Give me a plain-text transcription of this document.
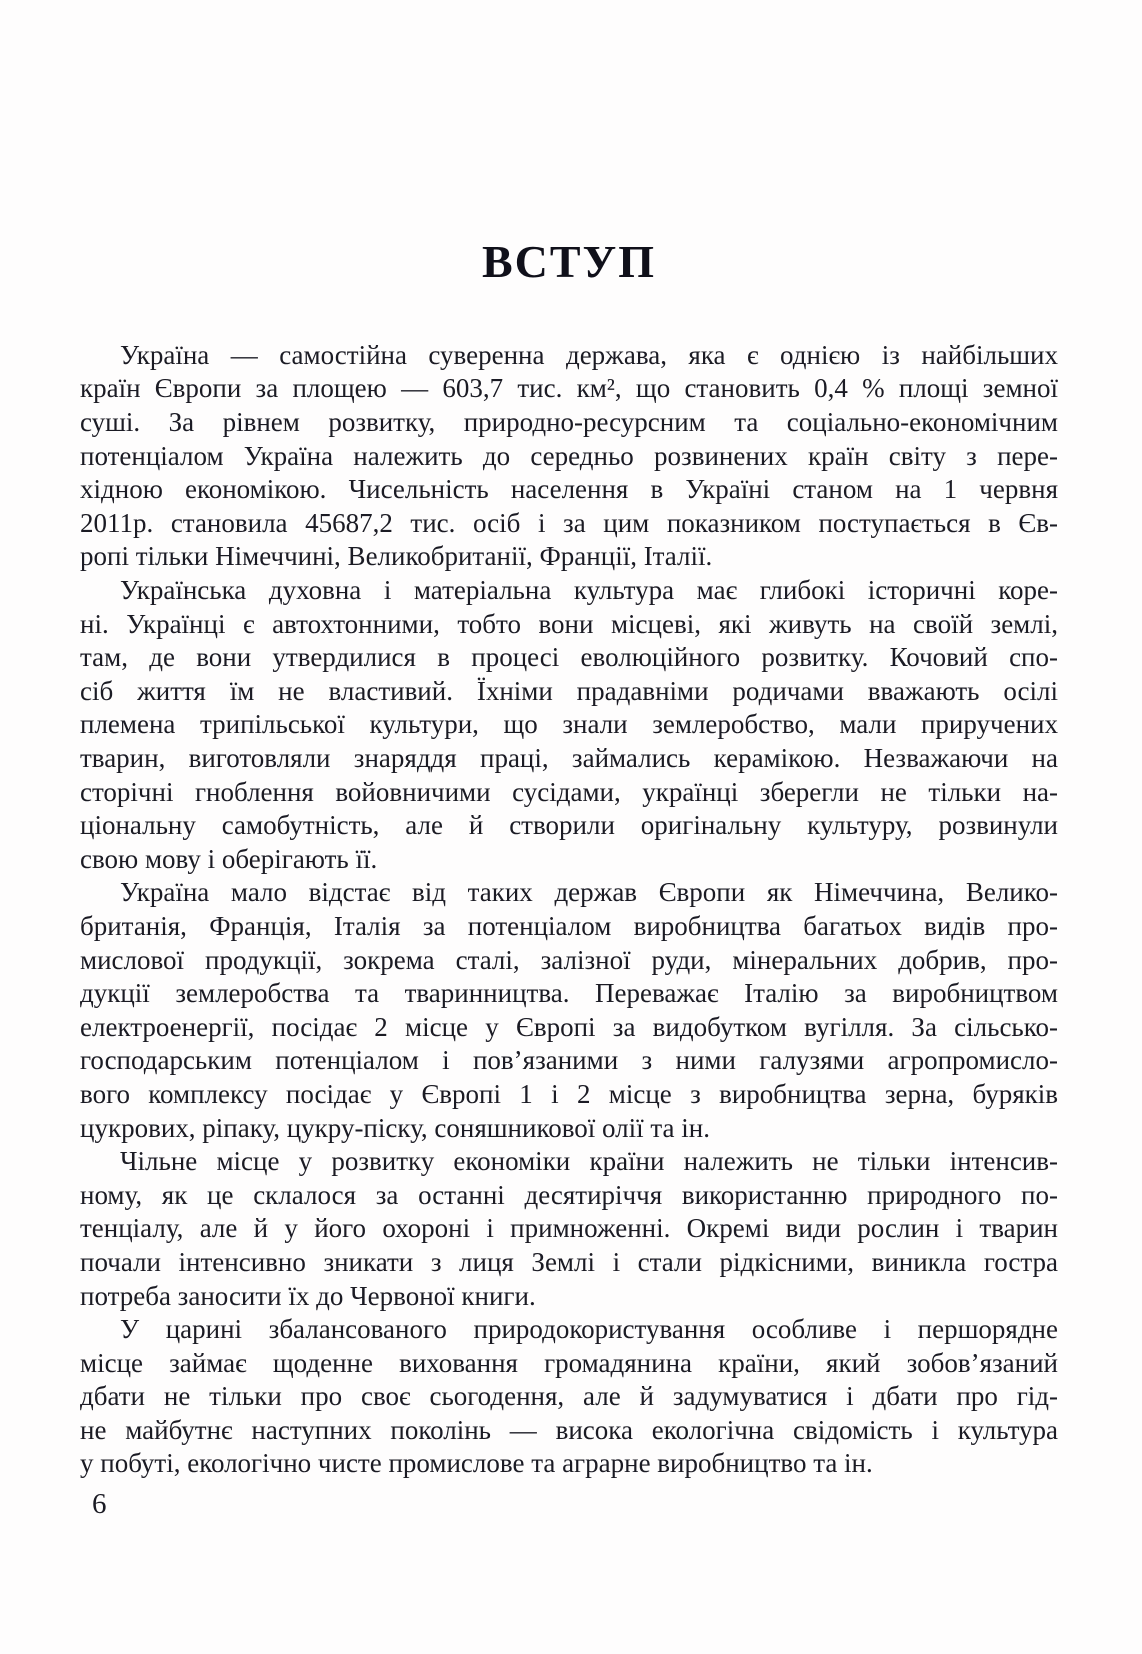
ВСТУП
Україна — самостійна суверенна держава, яка є однією із найбільших
країн Європи за площею — 603,7 тис. км², що становить 0,4 % площі земної
суші. За рівнем розвитку, природно-ресурсним та соціально-економічним
потенціалом Україна належить до середньо розвинених країн світу з пере-
хідною економікою. Чисельність населення в Україні станом на 1 червня
2011р. становила 45687,2 тис. осіб і за цим показником поступається в Єв-
ропі тільки Німеччині, Великобританії, Франції, Італії.
Українська духовна і матеріальна культура має глибокі історичні коре-
ні. Українці є автохтонними, тобто вони місцеві, які живуть на своїй землі,
там, де вони утвердилися в процесі еволюційного розвитку. Кочовий спо-
сіб життя їм не властивий. Їхніми прадавніми родичами вважають осілі
племена трипільської культури, що знали землеробство, мали приручених
тварин, виготовляли знаряддя праці, займались керамікою. Незважаючи на
сторічні гноблення войовничими сусідами, українці зберегли не тільки на-
ціональну самобутність, але й створили оригінальну культуру, розвинули
свою мову і оберігають її.
Україна мало відстає від таких держав Європи як Німеччина, Велико-
британія, Франція, Італія за потенціалом виробництва багатьох видів про-
мислової продукції, зокрема сталі, залізної руди, мінеральних добрив, про-
дукції землеробства та тваринництва. Переважає Італію за виробництвом
електроенергії, посідає 2 місце у Європі за видобутком вугілля. За сільсько-
господарським потенціалом і пов’язаними з ними галузями агропромисло-
вого комплексу посідає у Європі 1 і 2 місце з виробництва зерна, буряків
цукрових, ріпаку, цукру-піску, соняшникової олії та ін.
Чільне місце у розвитку економіки країни належить не тільки інтенсив-
ному, як це склалося за останні десятиріччя використанню природного по-
тенціалу, але й у його охороні і примноженні. Окремі види рослин і тварин
почали інтенсивно зникати з лиця Землі і стали рідкісними, виникла гостра
потреба заносити їх до Червоної книги.
У царині збалансованого природокористування особливе і першорядне
місце займає щоденне виховання громадянина країни, який зобов’язаний
дбати не тільки про своє сьогодення, але й задумуватися і дбати про гід-
не майбутнє наступних поколінь — висока екологічна свідомість і культура
у побуті, екологічно чисте промислове та аграрне виробництво та ін.
6
